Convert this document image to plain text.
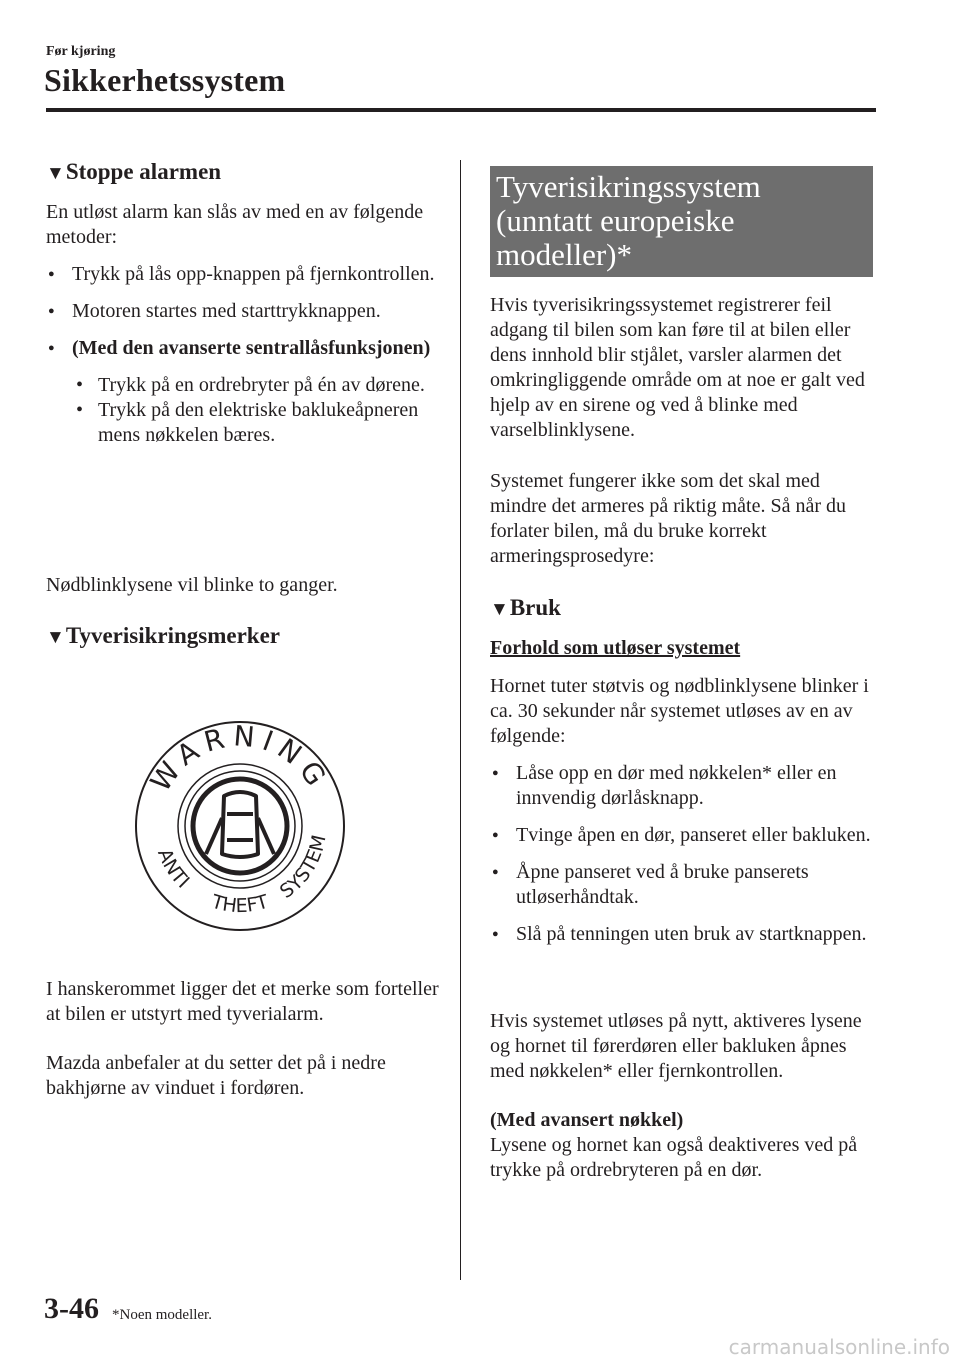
Før kjøring
Sikkerhetssystem
▼Stoppe alarmen

En utløst alarm kan slås av med en av følgende metoder:

● Trykk på lås opp-knappen på fjernkontrollen.
● Motoren startes med starttrykknappen.
● (Med den avanserte sentrallåsfunksjonen)
• Trykk på en ordrebryter på én av dørene.
• Trykk på den elektriske baklukeåpneren mens nøkkelen bæres.

Nødblinklysene vil blinke to ganger.

▼Tyverisikringsmerker
WARNING
ANTI
THEFT SYSTEM

I hanskerommet ligger det et merke som forteller at bilen er utstyrt med tyverialarm.

Mazda anbefaler at du setter det på i nedre bakhjørne av vinduet i fordøren.

Tyverisikringssystem
(unntatt europeiske
modeller)*

Hvis tyverisikringssystemet registrerer feil adgang til bilen som kan føre til at bilen eller dens innhold blir stjålet, varsler alarmen det omkringliggende område om at noe er galt ved hjelp av en sirene og ved å blinke med varselblinklysene.

Systemet fungerer ikke som det skal med mindre det armeres på riktig måte. Så når du forlater bilen, må du bruke korrekt armeringsprosedyre:

▼Bruk

Forhold som utløser systemet

Hornet tuter støtvis og nødblinklysene blinker i ca. 30 sekunder når systemet utløses av en av følgende:

● Låse opp en dør med nøkkelen* eller en innvendig dørlåsknapp.
● Tvinge åpen en dør, panseret eller bakluken.
● Åpne panseret ved å bruke panserets utløserhåndtak.
● Slå på tenningen uten bruk av startknappen.

Hvis systemet utløses på nytt, aktiveres lysene og hornet til førerdøren eller bakluken åpnes med nøkkelen* eller fjernkontrollen.

(Med avansert nøkkel)

Lysene og hornet kan også deaktiveres ved på trykke på ordrebryteren på en dør.

3-46 *Noen modeller.
carmanualsonline.info
